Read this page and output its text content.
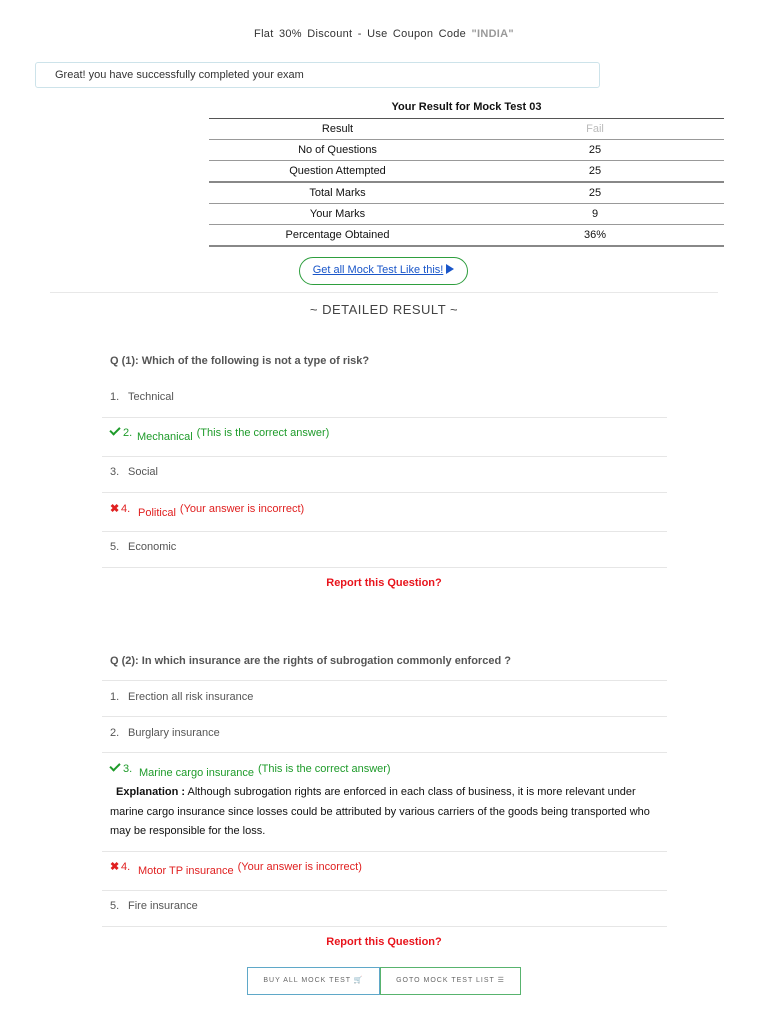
Flat 30% Discount - Use Coupon Code "INDIA"
Great! you have successfully completed your exam
Your Result for Mock Test 03
Result	Fail
No of Questions	25
Question Attempted	25
Total Marks	25
Your Marks	9
Percentage Obtained	36%
Get all Mock Test Like this!
~ DETAILED RESULT ~
Q (1): Which of the following is not a type of risk?
1. Technical
2. Mechanical (This is the correct answer)
3. Social
✖ 4. Political (Your answer is incorrect)
5. Economic
Report this Question?
Q (2): In which insurance are the rights of subrogation commonly enforced ?
1. Erection all risk insurance
2. Burglary insurance
3. Marine cargo insurance (This is the correct answer)
Explanation : Although subrogation rights are enforced in each class of business, it is more relevant under marine cargo insurance since losses could be attributed by various carriers of the goods being transported who may be responsible for the loss.
✖ 4. Motor TP insurance (Your answer is incorrect)
5. Fire insurance
Report this Question?
BUY ALL MOCK TEST 🛒	GOTO MOCK TEST LIST ☰
